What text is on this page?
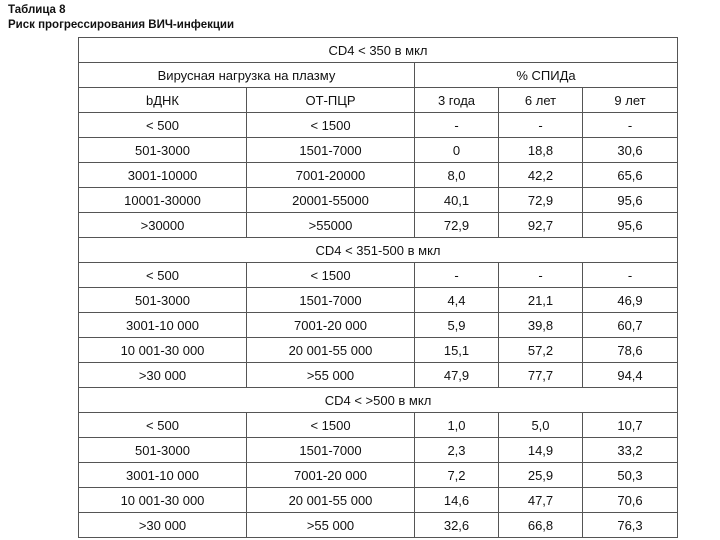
Таблица 8
Риск прогрессирования ВИЧ-инфекции
CD4 < 350 в мкл				
Вирусная нагрузка на плазму		% СПИДа		
bДНК	ОТ-ПЦР	3 года	6 лет	9 лет
< 500	< 1500	-	-	-
501-3000	1501-7000	0	18,8	30,6
3001-10000	7001-20000	8,0	42,2	65,6
10001-30000	20001-55000	40,1	72,9	95,6
>30000	>55000	72,9	92,7	95,6
CD4 < 351-500 в мкл				
< 500	< 1500	-	-	-
501-3000	1501-7000	4,4	21,1	46,9
3001-10 000	7001-20 000	5,9	39,8	60,7
10 001-30 000	20 001-55 000	15,1	57,2	78,6
>30 000	>55 000	47,9	77,7	94,4
CD4 < >500 в мкл				
< 500	< 1500	1,0	5,0	10,7
501-3000	1501-7000	2,3	14,9	33,2
3001-10 000	7001-20 000	7,2	25,9	50,3
10 001-30 000	20 001-55 000	14,6	47,7	70,6
>30 000	>55 000	32,6	66,8	76,3
